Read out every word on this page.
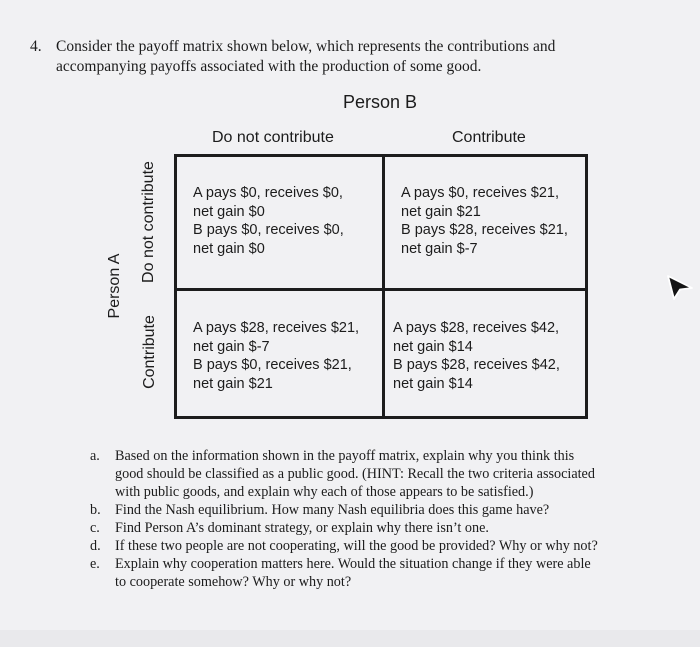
4. Consider the payoff matrix shown below, which represents the contributions and
accompanying payoffs associated with the production of some good.
Person B
Do not contribute	Contribute
Person A
Do not contribute
Contribute
A pays $0, receives $0,
net gain $0
B pays $0, receives $0,
net gain $0
A pays $0, receives $21,
net gain $21
B pays $28, receives $21,
net gain $-7
A pays $28, receives $21,
net gain $-7
B pays $0, receives $21,
net gain $21
A pays $28, receives $42,
net gain $14
B pays $28, receives $42,
net gain $14
a. Based on the information shown in the payoff matrix, explain why you think this
good should be classified as a public good. (HINT: Recall the two criteria associated
with public goods, and explain why each of those appears to be satisfied.)
b. Find the Nash equilibrium. How many Nash equilibria does this game have?
c. Find Person A’s dominant strategy, or explain why there isn’t one.
d. If these two people are not cooperating, will the good be provided? Why or why not?
e. Explain why cooperation matters here. Would the situation change if they were able
to cooperate somehow? Why or why not?
